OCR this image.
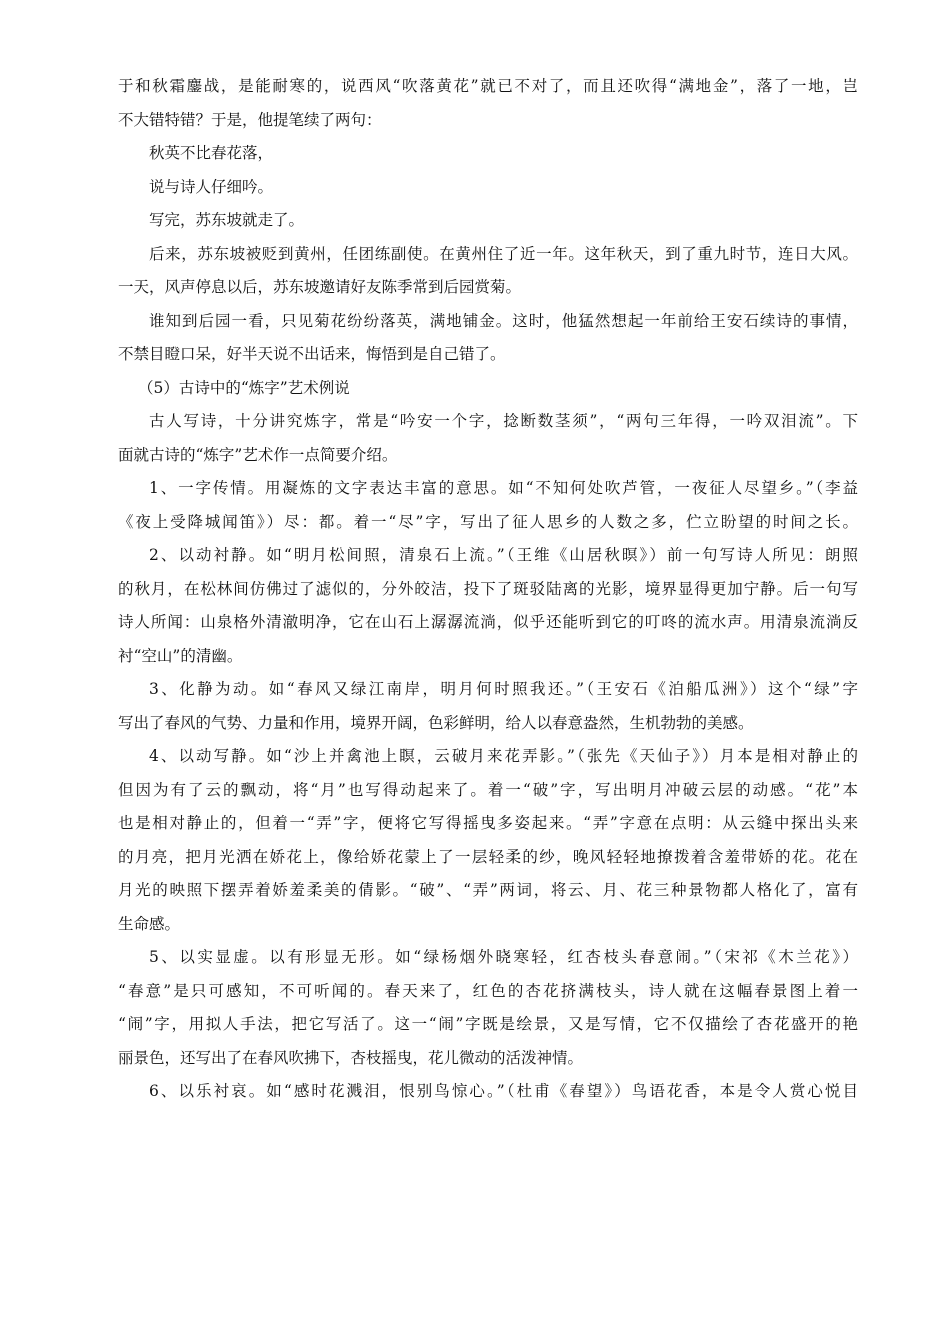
于和秋霜鏖战，是能耐寒的，说西风“吹落黄花”就已不对了，而且还吹得“满地金”，落了一地，岂
不大错特错？于是，他提笔续了两句：
秋英不比春花落，
说与诗人仔细吟。
写完，苏东坡就走了。
后来，苏东坡被贬到黄州，任团练副使。在黄州住了近一年。这年秋天，到了重九时节，连日大风。
一天，风声停息以后，苏东坡邀请好友陈季常到后园赏菊。
谁知到后园一看，只见菊花纷纷落英，满地铺金。这时，他猛然想起一年前给王安石续诗的事情，
不禁目瞪口呆，好半天说不出话来，悔悟到是自己错了。
（5）古诗中的“炼字”艺术例说
古人写诗，十分讲究炼字，常是“吟安一个字，捻断数茎须”，“两句三年得，一吟双泪流”。下
面就古诗的“炼字”艺术作一点简要介绍。
1、一字传情。用凝炼的文字表达丰富的意思。如“不知何处吹芦管，一夜征人尽望乡。”（李益
《夜上受降城闻笛》）尽：都。着一“尽”字，写出了征人思乡的人数之多，伫立盼望的时间之长。
2、以动衬静。如“明月松间照，清泉石上流。”（王维《山居秋暝》）前一句写诗人所见：朗照
的秋月，在松林间仿佛过了滤似的，分外皎洁，投下了斑驳陆离的光影，境界显得更加宁静。后一句写
诗人所闻：山泉格外清澈明净，它在山石上潺潺流淌，似乎还能听到它的叮咚的流水声。用清泉流淌反
衬“空山”的清幽。
3、化静为动。如“春风又绿江南岸，明月何时照我还。”（王安石《泊船瓜洲》）这个“绿”字
写出了春风的气势、力量和作用，境界开阔，色彩鲜明，给人以春意盎然，生机勃勃的美感。
4、以动写静。如“沙上并禽池上瞑，云破月来花弄影。”（张先《天仙子》）月本是相对静止的
但因为有了云的飘动，将“月”也写得动起来了。着一“破”字，写出明月冲破云层的动感。“花”本
也是相对静止的，但着一“弄”字，便将它写得摇曳多姿起来。“弄”字意在点明：从云缝中探出头来
的月亮，把月光洒在娇花上，像给娇花蒙上了一层轻柔的纱，晚风轻轻地撩拨着含羞带娇的花。花在
月光的映照下摆弄着娇羞柔美的倩影。“破”、“弄”两词，将云、月、花三种景物都人格化了，富有
生命感。
5、以实显虚。以有形显无形。如“绿杨烟外晓寒轻，红杏枝头春意闹。”（宋祁《木兰花》）
“春意”是只可感知，不可听闻的。春天来了，红色的杏花挤满枝头，诗人就在这幅春景图上着一
“闹”字，用拟人手法，把它写活了。这一“闹”字既是绘景，又是写情，它不仅描绘了杏花盛开的艳
丽景色，还写出了在春风吹拂下，杏枝摇曳，花儿微动的活泼神情。
6、以乐衬哀。如“感时花溅泪，恨别鸟惊心。”（杜甫《春望》）鸟语花香，本是令人赏心悦目
